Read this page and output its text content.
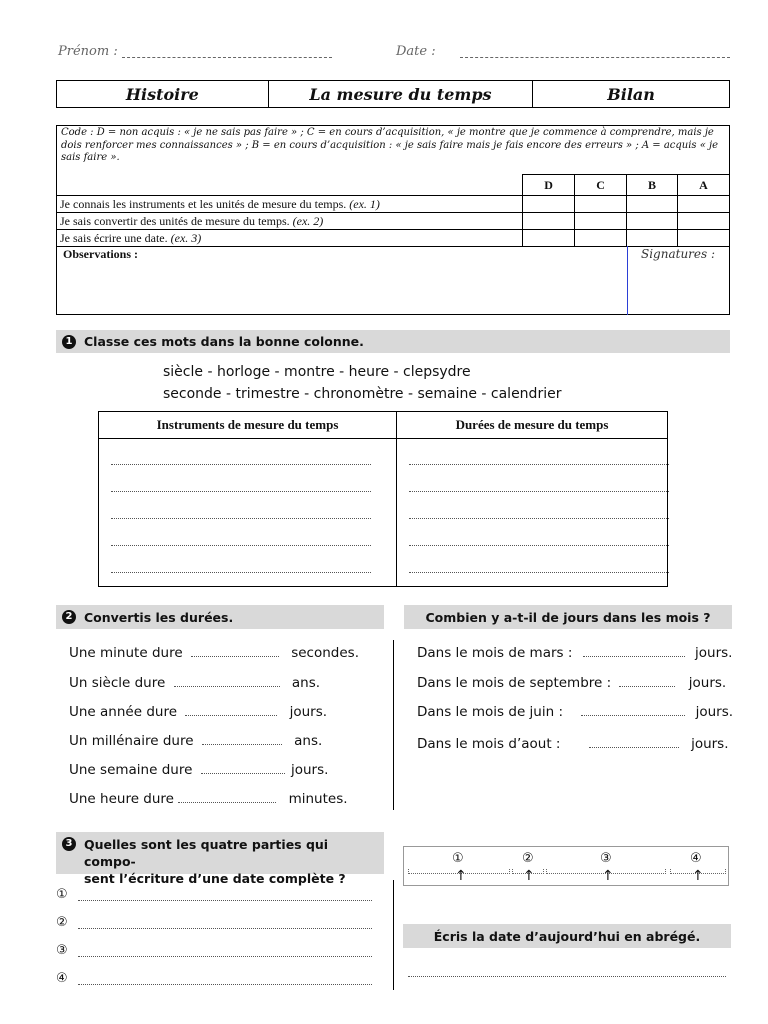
Prénom :	Date :
Histoire	La mesure du temps	Bilan
Code : D = non acquis : « je ne sais pas faire » ; C = en cours d’acquisition, « je montre que je commence à comprendre, mais je dois renforcer mes connaissances » ; B = en cours d’acquisition : « je sais faire mais je fais encore des erreurs » ; A = acquis « je sais faire ».
	D	C	B	A
Je connais les instruments et les unités de mesure du temps. (ex. 1)				
Je sais convertir des unités de mesure du temps. (ex. 2)				
Je sais écrire une date. (ex. 3)				
Observations :	Signatures :
1 Classe ces mots dans la bonne colonne.
siècle - horloge - montre - heure - clepsydre
seconde - trimestre - chronomètre - semaine - calendrier
Instruments de mesure du temps	Durées de mesure du temps
2 Convertis les durées.
Une minute dure	secondes.
Un siècle dure	ans.
Une année dure	jours.
Un millénaire dure	ans.
Une semaine dure	jours.
Une heure dure	minutes.
Combien y a-t-il de jours dans les mois ?
Dans le mois de mars :	jours.
Dans le mois de septembre :	jours.
Dans le mois de juin :	jours.
Dans le mois d’aout :	jours.
3 Quelles sont les quatre parties qui compo-
sent l’écriture d’une date complète ?
①
②
③
④
①	②	③	④
↑	↑	↑	↑
Écris la date d’aujourd’hui en abrégé.
